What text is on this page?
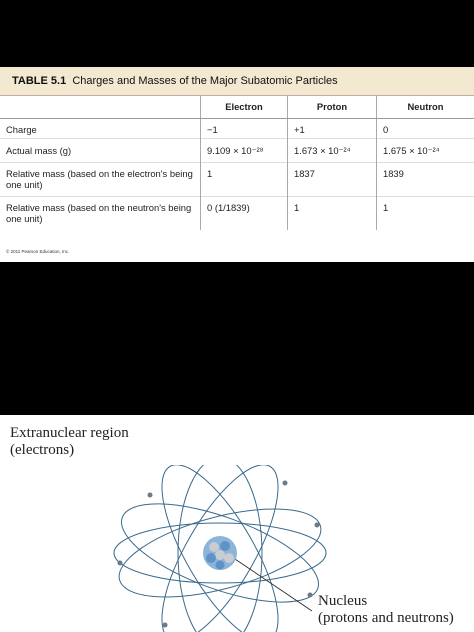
TABLE 5.1 Charges and Masses of the Major Subatomic Particles
	Electron	Proton	Neutron
Charge	−1	+1	0
Actual mass (g)	9.109 × 10⁻²⁸	1.673 × 10⁻²⁴	1.675 × 10⁻²⁴
Relative mass (based on the electron's being one unit)	1	1837	1839
Relative mass (based on the neutron's being one unit)	0 (1/1839)	1	1
© 2011 Pearson Education, Inc.
Extranuclear region
(electrons)
Nucleus
(protons and neutrons)
